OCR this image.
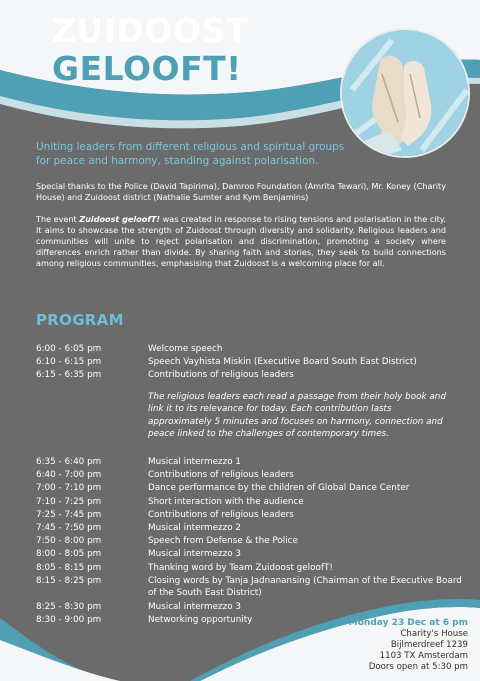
ZUIDOOST
GELOOFT!
Uniting leaders from different religious and spiritual groups for peace and harmony, standing against polarisation.
Special thanks to the Police (David Tapirima), Damroo Foundation (Amrita Tewari), Mr. Koney (Charity House) and Zuidoost district (Nathalie Sumter and Kym Benjamins)
The event Zuidoost geloofT! was created in response to rising tensions and polarisation in the city. It aims to showcase the strength of Zuidoost through diversity and solidarity. Religious leaders and communities will unite to reject polarisation and discrimination, promoting a society where differences enrich rather than divide. By sharing faith and stories, they seek to build connections among religious communities, emphasising that Zuidoost is a welcoming place for all.
PROGRAM
6:00 - 6:05 pm	Welcome speech
6:10 - 6:15 pm	Speech Vayhista Miskin (Executive Board South East District)
6:15 - 6:35 pm	Contributions of religious leaders
6:35 - 6:40 pm	Musical intermezzo 1
6:40 - 7:00 pm	Contributions of religious leaders
7:00 - 7:10 pm	Dance performance by the children of Global Dance Center
7:10 - 7:25 pm	Short interaction with the audience
7:25 - 7:45 pm	Contributions of religious leaders
7:45 - 7:50 pm	Musical intermezzo 2
7:50 - 8:00 pm	Speech from Defense & the Police
8:00 - 8:05 pm	Musical intermezzo 3
8:05 - 8:15 pm	Thanking word by Team Zuidoost geloofT!
8:15 - 8:25 pm	Closing words by Tanja Jadnanansing (Chairman of the Executive Board of the South East District)
8:25 - 8:30 pm	Musical intermezzo 3
8:30 - 9:00 pm	Networking opportunity
The religious leaders each read a passage from their holy book and link it to its relevance for today. Each contribution lasts approximately 5 minutes and focuses on harmony, connection and peace linked to the challenges of contemporary times.
Monday 23 Dec at 6 pm
Charity's House
Bijlmerdreef 1239
1103 TX Amsterdam
Doors open at 5:30 pm
